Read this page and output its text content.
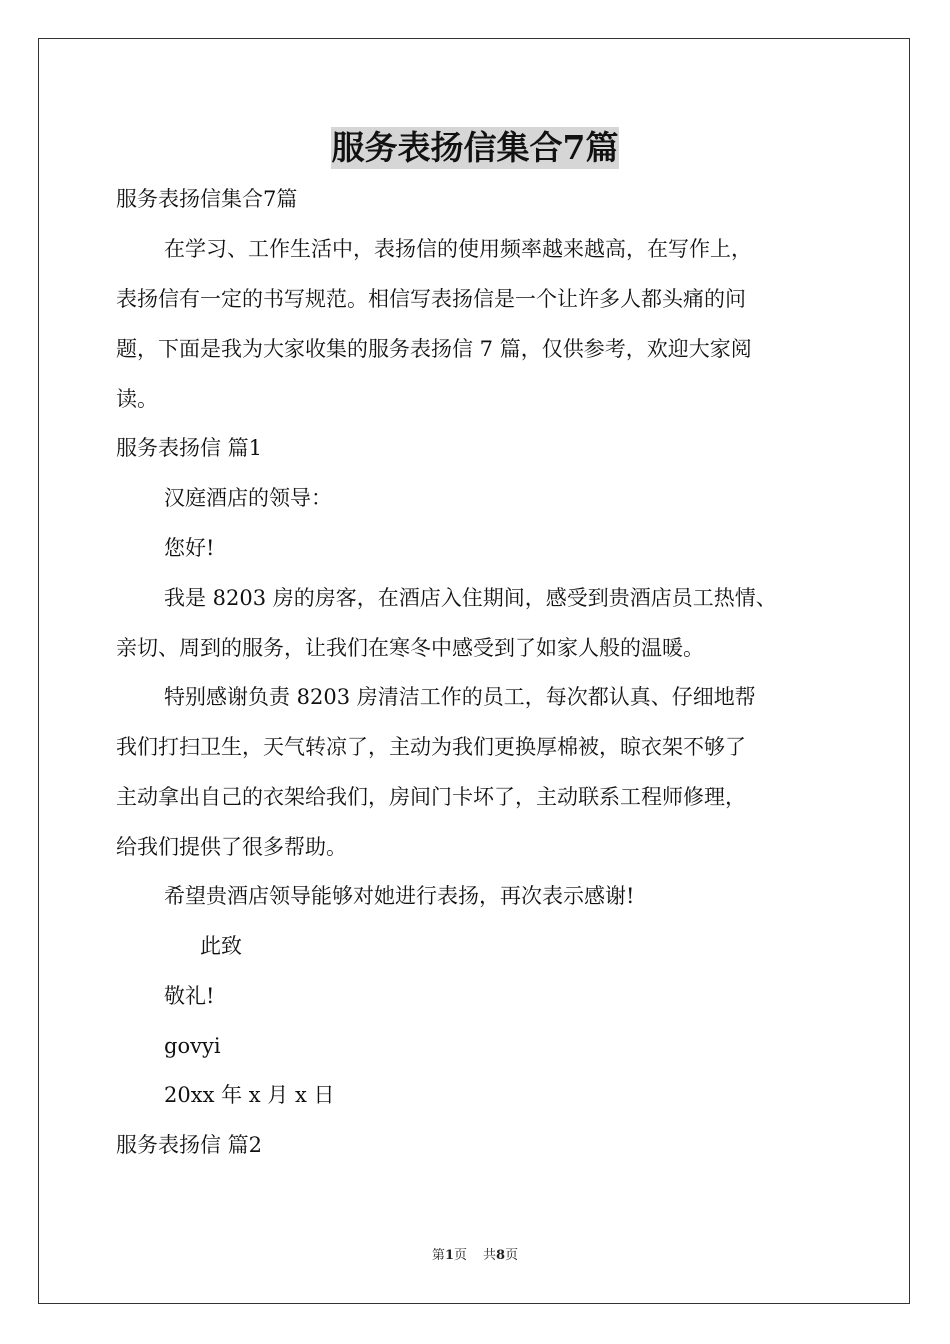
服务表扬信集合7篇
服务表扬信集合7篇
在学习、工作生活中，表扬信的使用频率越来越高，在写作上，
表扬信有一定的书写规范。相信写表扬信是一个让许多人都头痛的问
题，下面是我为大家收集的服务表扬信 7 篇，仅供参考，欢迎大家阅
读。
服务表扬信 篇1
汉庭酒店的领导：
您好!
我是 8203 房的房客，在酒店入住期间，感受到贵酒店员工热情、
亲切、周到的服务，让我们在寒冬中感受到了如家人般的温暖。
特别感谢负责 8203 房清洁工作的员工，每次都认真、仔细地帮
我们打扫卫生，天气转凉了，主动为我们更换厚棉被，晾衣架不够了
主动拿出自己的衣架给我们，房间门卡坏了，主动联系工程师修理，
给我们提供了很多帮助。
希望贵酒店领导能够对她进行表扬，再次表示感谢!
此致
敬礼!
govyi
20xx 年 x 月 x 日
服务表扬信 篇2
第1页 共8页
